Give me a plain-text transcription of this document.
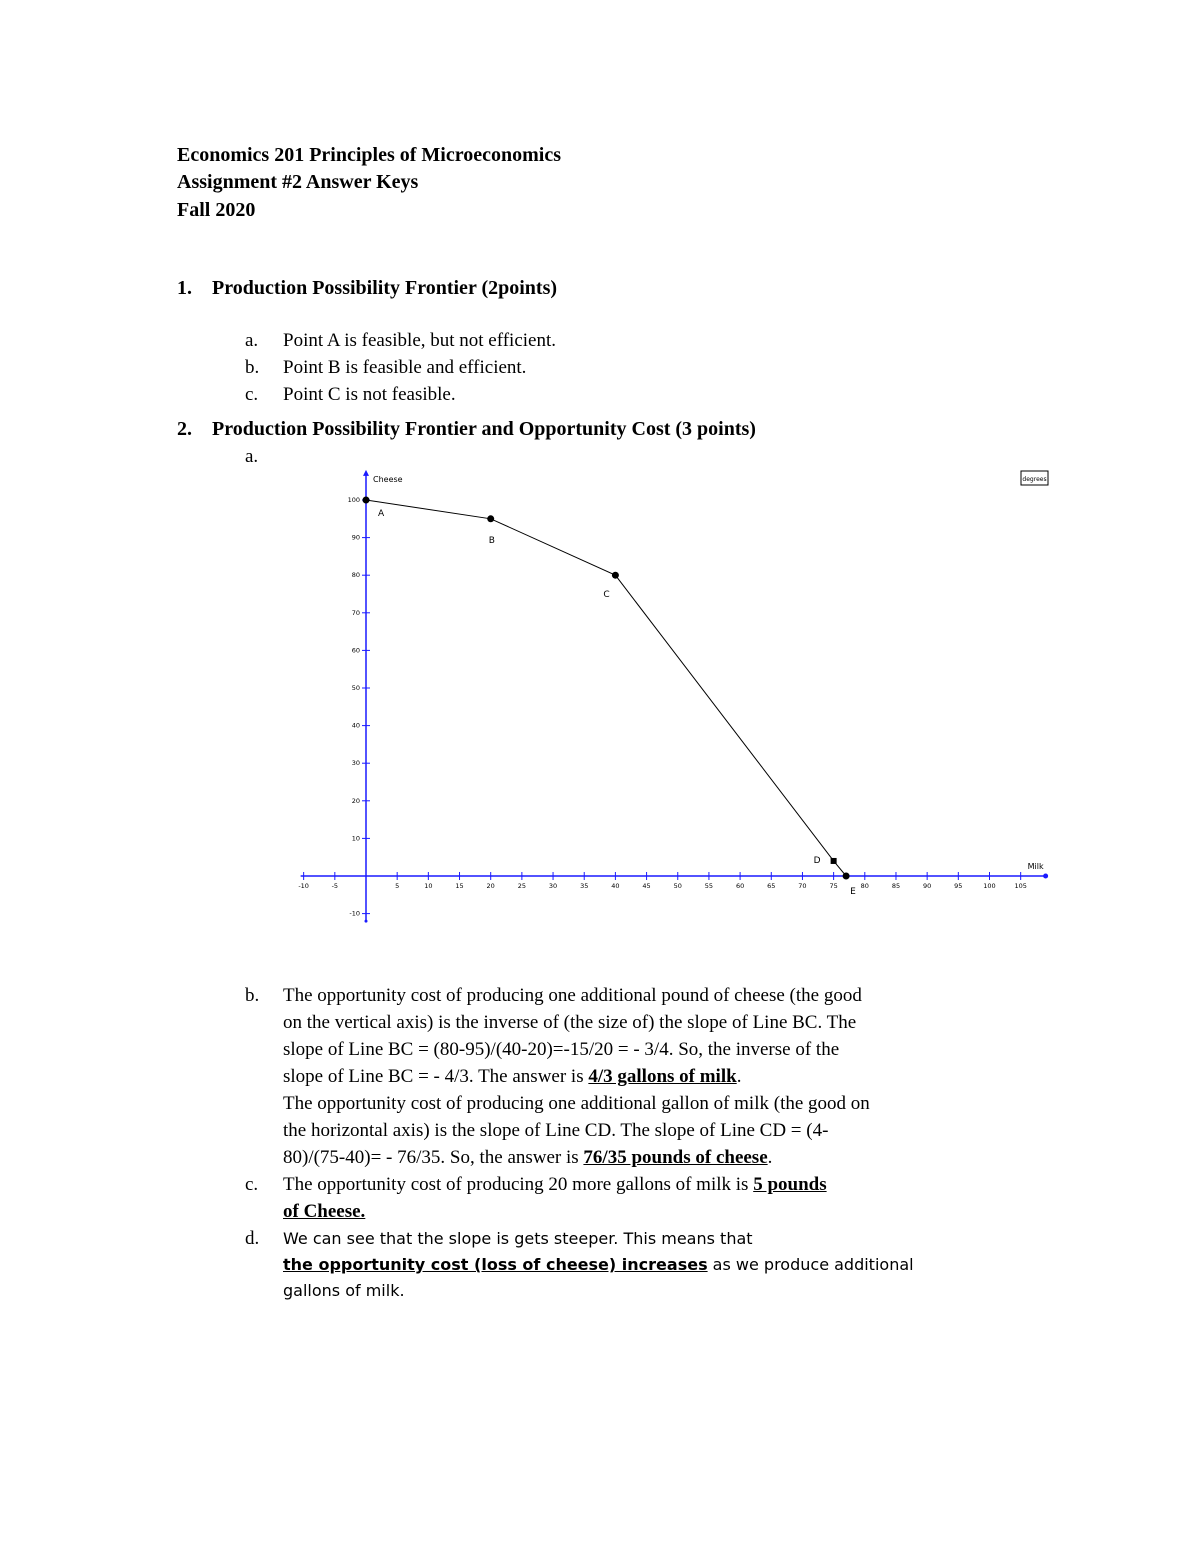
Economics 201 Principles of Microeconomics
Assignment #2 Answer Keys
Fall 2020
1. Production Possibility Frontier (2points)
a. Point A is feasible, but not efficient.
b. Point B is feasible and efficient.
c. Point C is not feasible.
2. Production Possibility Frontier and Opportunity Cost (3 points)
a.
-10	-5	5	10	15	20	25	30	35	40	45	50	55	60	65	70	75	80	85	90	95	100	105
-10
10
20
30
40
50
60
70
80
90
100
Cheese
Milk
degrees
A
B
C
D
E
b. The opportunity cost of producing one additional pound of cheese (the good
on the vertical axis) is the inverse of (the size of) the slope of Line BC. The
slope of Line BC = (80-95)/(40-20)=-15/20 = - 3/4. So, the inverse of the
slope of Line BC = - 4/3. The answer is 4/3 gallons of milk.
The opportunity cost of producing one additional gallon of milk (the good on
the horizontal axis) is the slope of Line CD. The slope of Line CD = (4-
80)/(75-40)= - 76/35. So, the answer is 76/35 pounds of cheese.
c. The opportunity cost of producing 20 more gallons of milk is 5 pounds
of Cheese.
d. We can see that the slope is gets steeper. This means that
the opportunity cost (loss of cheese) increases as we produce additional
gallons of milk.
